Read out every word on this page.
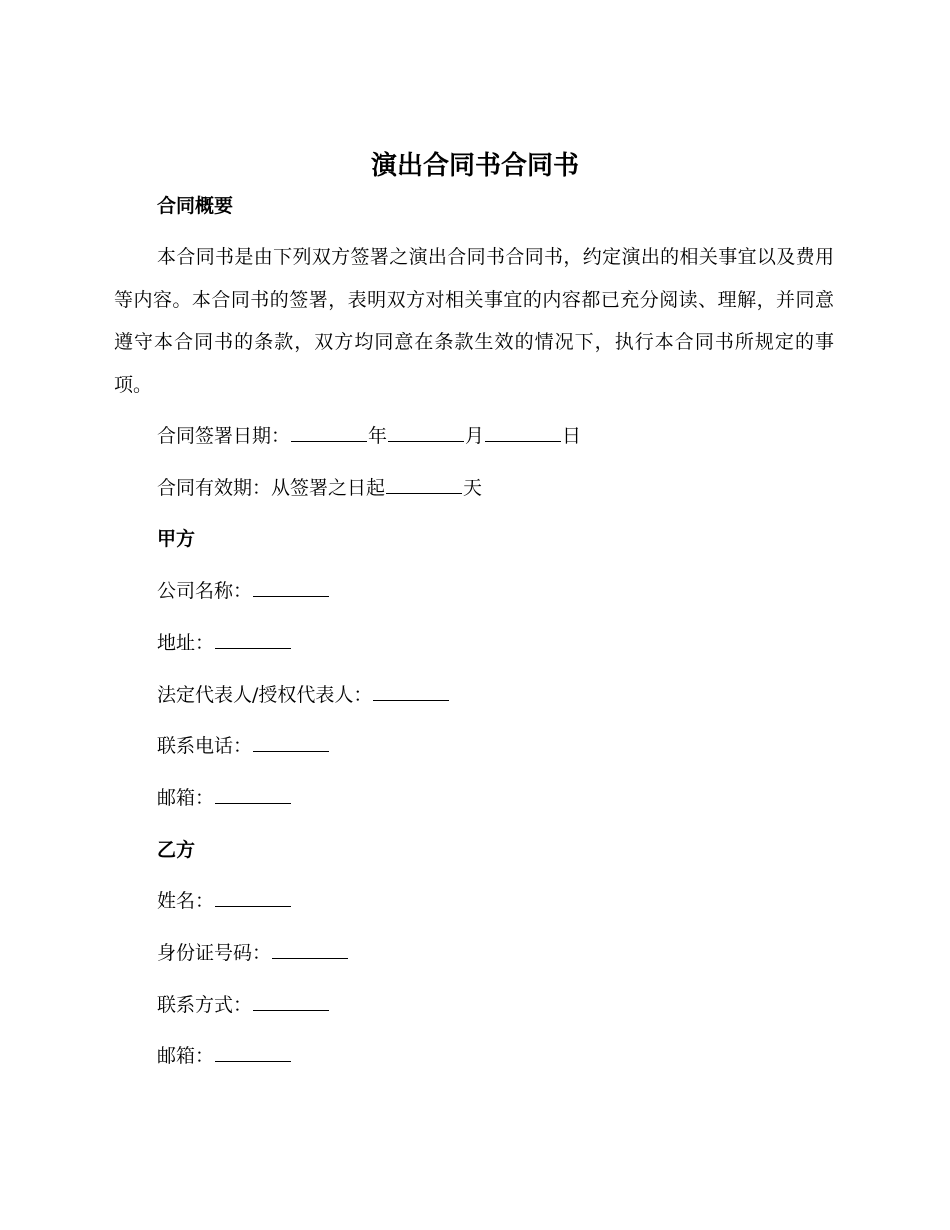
演出合同书合同书
合同概要

本合同书是由下列双方签署之演出合同书合同书，约定演出的相关事宜以及费用等内容。本合同书的签署，表明双方对相关事宜的内容都已充分阅读、理解，并同意遵守本合同书的条款，双方均同意在条款生效的情况下，执行本合同书所规定的事项。

合同签署日期：	年	月	日
合同有效期：从签署之日起	天
甲方
公司名称：
地址：
法定代表人/授权代表人：
联系电话：
邮箱：
乙方
姓名：
身份证号码：
联系方式：
邮箱：
